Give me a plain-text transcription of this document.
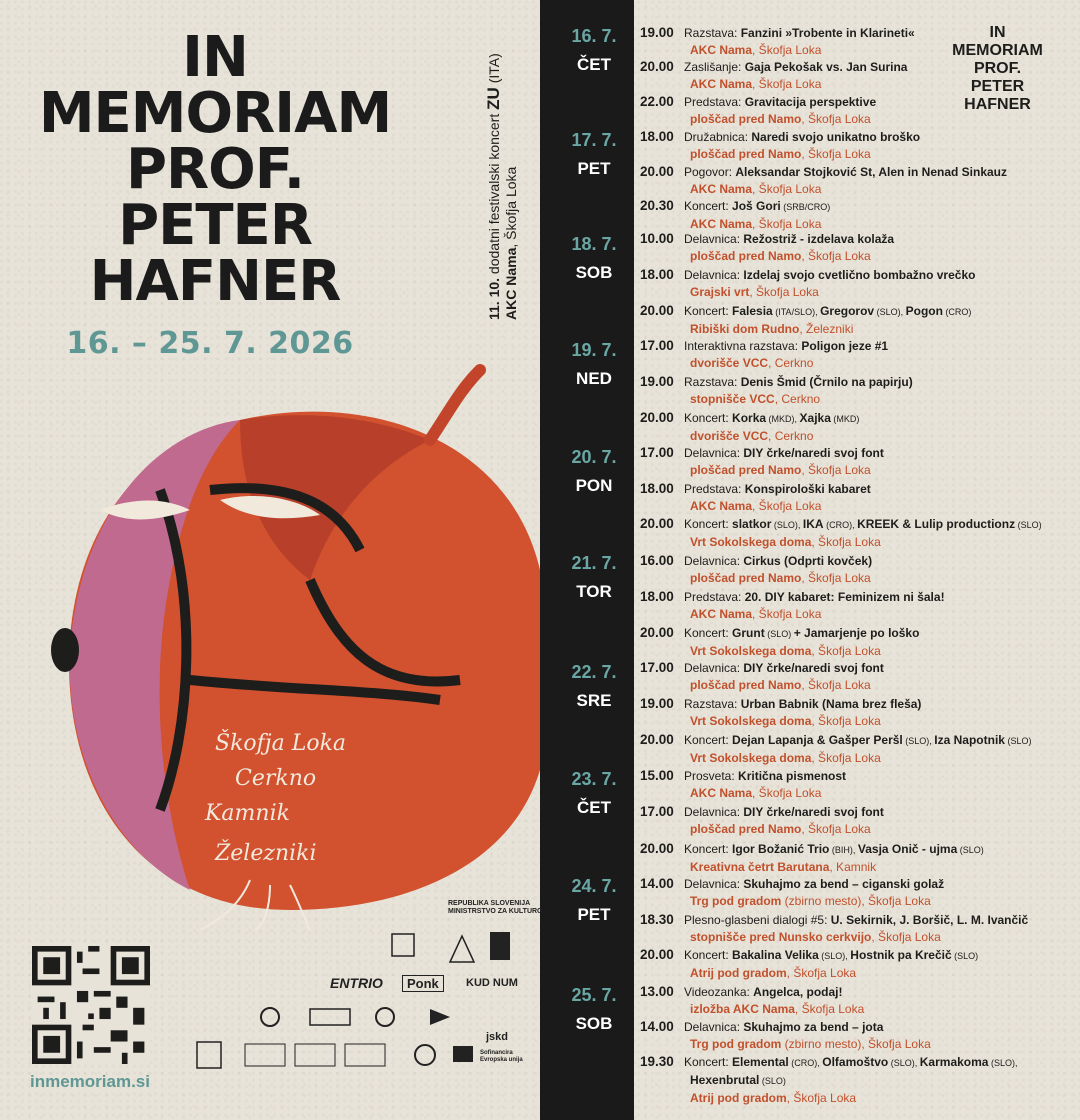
IN
MEMORIAM
PROF.
PETER
HAFNER
16. – 25. 7. 2026
11. 10. dodatni festivalski koncert ZU (ITA)
AKC Nama, Škofja Loka
Škofja Loka
Cerkno
Kamnik
Železniki
16. 7.
ČET
17. 7.
PET
18. 7.
SOB
19. 7.
NED
20. 7.
PON
21. 7.
TOR
22. 7.
SRE
23. 7.
ČET
24. 7.
PET
25. 7.
SOB
19.00 Razstava: Fanzini »Trobente in Klarineti«
AKC Nama, Škofja Loka
20.00 Zaslišanje: Gaja Pekošak vs. Jan Surina
AKC Nama, Škofja Loka
22.00 Predstava: Gravitacija perspektive
ploščad pred Namo, Škofja Loka
18.00 Družabnica: Naredi svojo unikatno broško
ploščad pred Namo, Škofja Loka
20.00 Pogovor: Aleksandar Stojković St, Alen in Nenad Sinkauz
AKC Nama, Škofja Loka
20.30 Koncert: Još Gori (SRB/CRO)
AKC Nama, Škofja Loka
10.00 Delavnica: Režostriž - izdelava kolaža
ploščad pred Namo, Škofja Loka
18.00 Delavnica: Izdelaj svojo cvetlično bombažno vrečko
Grajski vrt, Škofja Loka
20.00 Koncert: Falesia (ITA/SLO), Gregorov (SLO), Pogon (CRO)
Ribiški dom Rudno, Železniki
17.00 Interaktivna razstava: Poligon jeze #1
dvorišče VCC, Cerkno
19.00 Razstava: Denis Šmid (Črnilo na papirju)
stopnišče VCC, Cerkno
20.00 Koncert: Korka (MKD), Xajka (MKD)
dvorišče VCC, Cerkno
17.00 Delavnica: DIY črke/naredi svoj font
ploščad pred Namo, Škofja Loka
18.00 Predstava: Konspirološki kabaret
AKC Nama, Škofja Loka
20.00 Koncert: slatkor (SLO), IKA (CRO), KREEK & Lulip productionz (SLO)
Vrt Sokolskega doma, Škofja Loka
16.00 Delavnica: Cirkus (Odprti kovček)
ploščad pred Namo, Škofja Loka
18.00 Predstava: 20. DIY kabaret: Feminizem ni šala!
AKC Nama, Škofja Loka
20.00 Koncert: Grunt (SLO) + Jamarjenje po loško
Vrt Sokolskega doma, Škofja Loka
17.00 Delavnica: DIY črke/naredi svoj font
ploščad pred Namo, Škofja Loka
19.00 Razstava: Urban Babnik (Nama brez fleša)
Vrt Sokolskega doma, Škofja Loka
20.00 Koncert: Dejan Lapanja & Gašper Peršl (SLO), Iza Napotnik (SLO)
Vrt Sokolskega doma, Škofja Loka
15.00 Prosveta: Kritična pismenost
AKC Nama, Škofja Loka
17.00 Delavnica: DIY črke/naredi svoj font
ploščad pred Namo, Škofja Loka
20.00 Koncert: Igor Božanić Trio (BIH), Vasja Onič - ujma (SLO)
Kreativna četrt Barutana, Kamnik
14.00 Delavnica: Skuhajmo za bend – ciganski golaž
Trg pod gradom (zbirno mesto), Škofja Loka
18.30 Plesno-glasbeni dialogi #5: U. Sekirnik, J. Boršič, L. M. Ivančič
stopnišče pred Nunsko cerkvijo, Škofja Loka
20.00 Koncert: Bakalina Velika (SLO), Hostnik pa Krečič (SLO)
Atrij pod gradom, Škofja Loka
13.00 Videozanka: Angelca, podaj!
izložba AKC Nama, Škofja Loka
14.00 Delavnica: Skuhajmo za bend – jota
Trg pod gradom (zbirno mesto), Škofja Loka
19.30 Koncert: Elemental (CRO), Olfamoštvo (SLO), Karmakoma (SLO),
Hexenbrutal (SLO)
Atrij pod gradom, Škofja Loka
IN
MEMORIAM
PROF.
PETER
HAFNER
inmemoriam.si
REPUBLIKA SLOVENIJA
MINISTRSTVO ZA KULTURO
ENTRIO	Ponk	KUD NUM
jskd
Sofinancira Evropska unija
